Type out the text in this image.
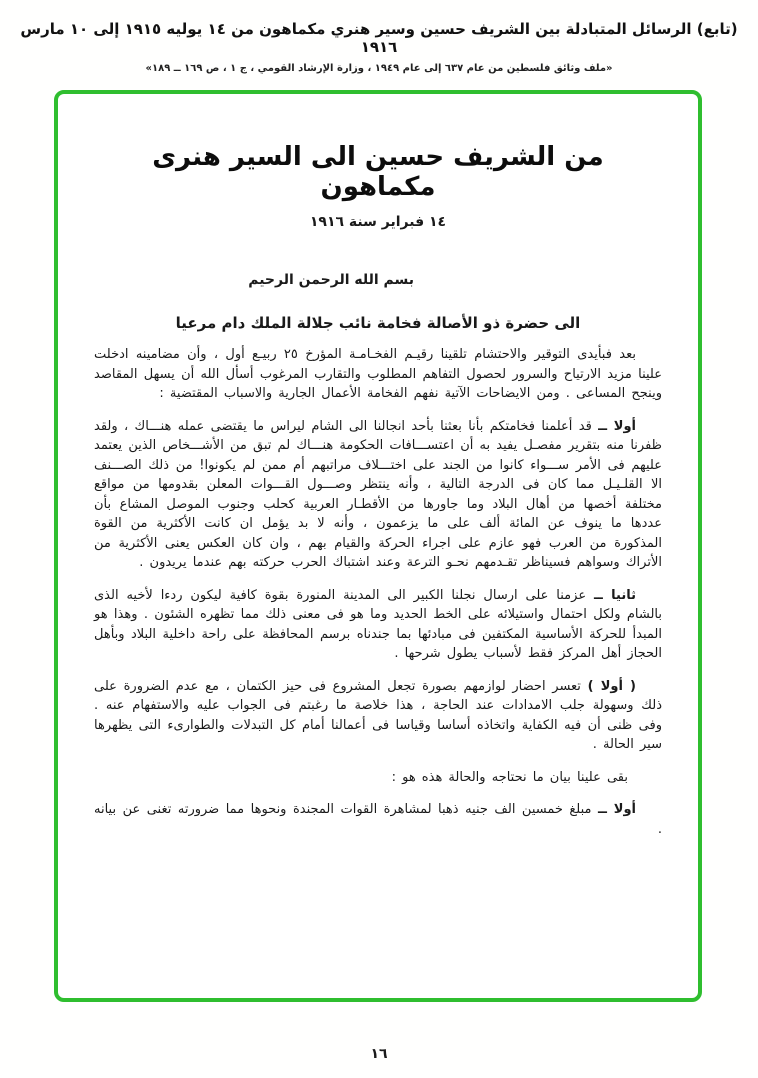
(تابع) الرسائل المتبادلة بين الشريف حسين وسير هنري مكماهون من ١٤ يوليه ١٩١٥ إلى ١٠ مارس ١٩١٦
«ملف وثائق فلسطين من عام ٦٣٧ إلى عام ١٩٤٩ ، وزارة الإرشاد القومي ، ج ١ ، ص ١٦٩ ــ ١٨٩»
من الشريف حسين الى السير هنرى مكماهون
١٤ فبراير سنة ١٩١٦
بسم الله الرحمن الرحيم
الى حضرة ذو الأصالة فخامة نائب جلالة الملك دام مرعيا

بعد فبأيدى التوقير والاحتشام تلقينا رقيـم الفخـامـة المؤرخ ٢٥ ربيـع أول ، وأن مضامينه ادخلت علينا مزيد الارتياح والسرور لحصول التفاهم المطلوب والتقارب المرغوب أسأل الله أن يسهل المقاصد وينجح المساعى . ومن الايضاحات الآتية نفهم الفخامة الأعمال الجارية والاسباب المقتضية :

أولا ــ قد أعلمنا فخامتكم بأنا بعثنا بأحد انجالنا الى الشام ليراس ما يقتضى عمله هنـــاك ، ولقد ظفرنا منه بتقرير مفصـل يفيد به أن اعتســـافات الحكومة هنـــاك لم تبق من الأشـــخاص الذين يعتمد عليهم فى الأمر ســـواء كانوا من الجند على اختـــلاف مراتبهم أم ممن لم يكونوا! من ذلك الصـــنف الا القلـيـل مما كان فى الدرجة التالية ، وأنه ينتظر وصـــول القـــوات المعلن بقدومها من مواقع مختلفة أخصها من أهال البلاد وما جاورها من الأقطـار العربية كحلب وجنوب الموصل المشاع بأن عددها ما ينوف عن المائة ألف على ما يزعمون ، وأنه لا بد يؤمل ان كانت الأكثرية من القوة المذكورة من العرب فهو عازم على اجراء الحركة والقيام بهم ، وان كان العكس يعنى الأكثرية من الأتراك وسواهم فسيناظر تقـدمهم نحـو الترعة وعند اشتباك الحرب حركته بهم عندما يريدون .

ثانيا ــ عزمنا على ارسال نجلنا الكبير الى المدينة المنورة بقوة كافية ليكون ردءا لأخيه الذى بالشام ولكل احتمال واستيلائه على الخط الحديد وما هو فى معنى ذلك مما تظهره الشئون . وهذا هو المبدأ للحركة الأساسية المكتفين فى مبادئها بما جندناه برسم المحافظة على راحة داخلية البلاد وبأهل الحجاز أهل المركز فقط لأسباب يطول شرحها .

( أولا ) تعسر احضار لوازمهم بصورة تجعل المشروع فى حيز الكتمان ، مع عدم الضرورة على ذلك وسهولة جلب الامدادات عند الحاجة ، هذا خلاصة ما رغبتم فى الجواب عليه والاستفهام عنه . وفى ظنى أن فيه الكفاية واتخاذه أساسا وقياسا فى أعمالنا أمام كل التبدلات والطوارىء التى يظهرها سير الحالة .

بقى علينا بيان ما نحتاجه والحالة هذه هو :

أولا ــ مبلغ خمسين الف جنيه ذهبا لمشاهرة القوات المجندة ونحوها مما ضرورته تغنى عن بيانه .

١٦
